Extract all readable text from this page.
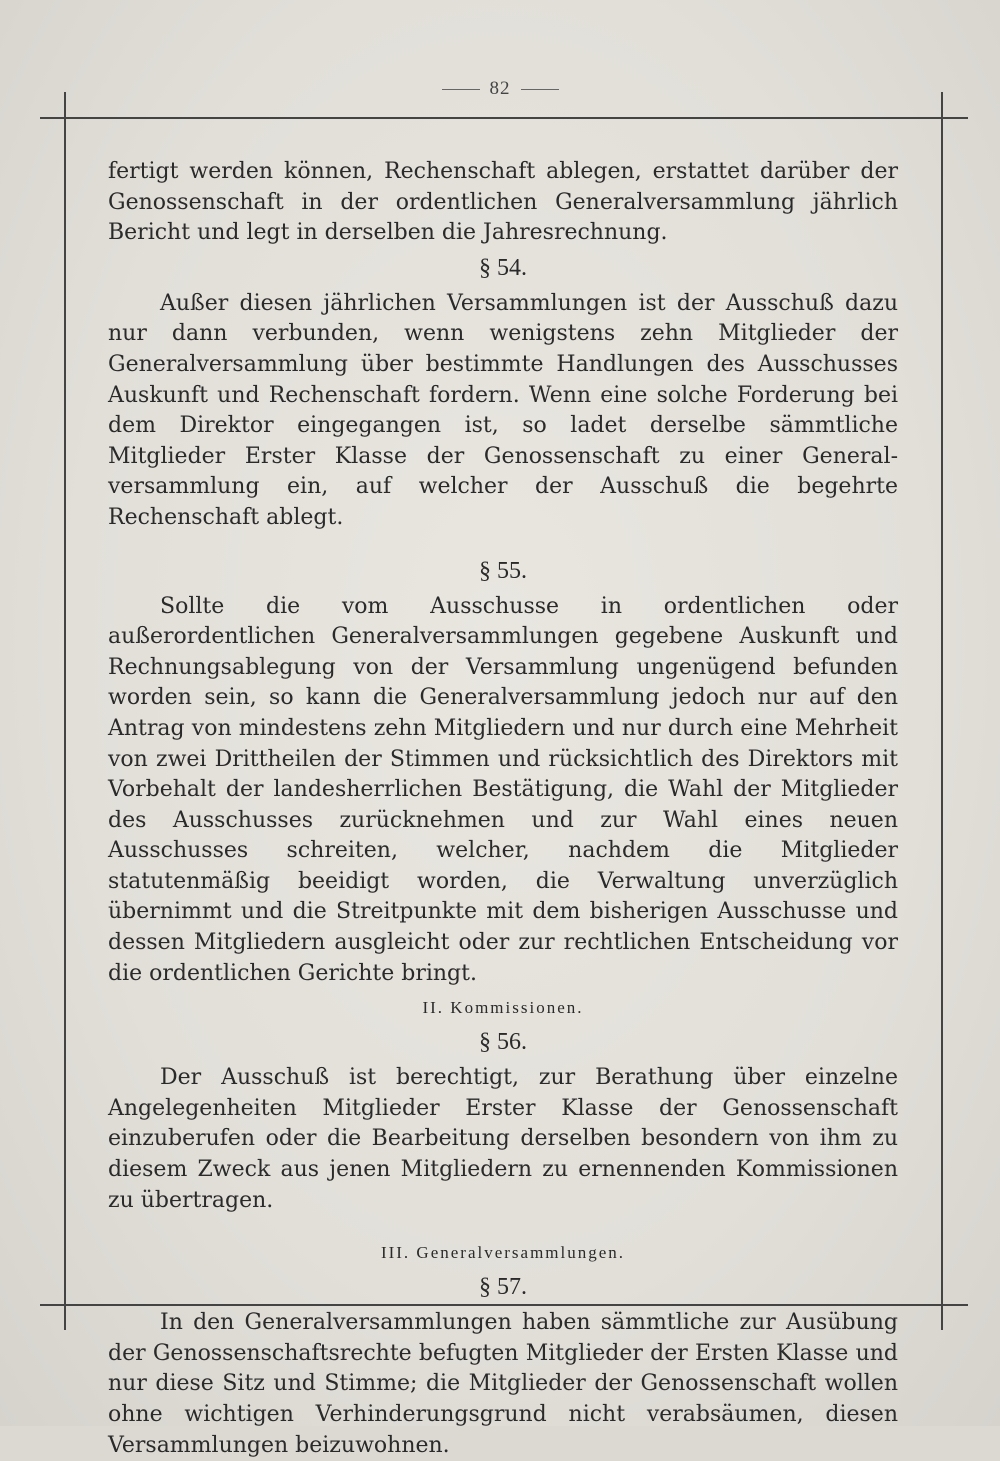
82

fertigt werden können, Rechenschaft ablegen, erstattet darüber der Genossenschaft in der ordentlichen Generalversammlung jährlich Bericht und legt in derselben die Jahresrechnung.

§ 54.

Außer diesen jährlichen Versammlungen ist der Ausschuß dazu nur dann verbunden, wenn wenigstens zehn Mitglieder der Generalversammlung über bestimmte Handlungen des Ausschusses Auskunft und Rechenschaft fordern. Wenn eine solche Forderung bei dem Direktor eingegangen ist, so ladet derselbe sämmtliche Mitglieder Erster Klasse der Genossenschaft zu einer Generalversammlung ein, auf welcher der Ausschuß die begehrte Rechenschaft ablegt.

§ 55.

Sollte die vom Ausschusse in ordentlichen oder außerordentlichen Generalversammlungen gegebene Auskunft und Rechnungsablegung von der Versammlung ungenügend befunden worden sein, so kann die Generalversammlung jedoch nur auf den Antrag von mindestens zehn Mitgliedern und nur durch eine Mehrheit von zwei Drittheilen der Stimmen und rücksichtlich des Direktors mit Vorbehalt der landesherrlichen Bestätigung, die Wahl der Mitglieder des Ausschusses zurücknehmen und zur Wahl eines neuen Ausschusses schreiten, welcher, nachdem die Mitglieder statutenmäßig beeidigt worden, die Verwaltung unverzüglich übernimmt und die Streitpunkte mit dem bisherigen Ausschusse und dessen Mitgliedern ausgleicht oder zur rechtlichen Entscheidung vor die ordentlichen Gerichte bringt.

II. Kommissionen.
§ 56.

Der Ausschuß ist berechtigt, zur Berathung über einzelne Angelegenheiten Mitglieder Erster Klasse der Genossenschaft einzuberufen oder die Bearbeitung derselben besondern von ihm zu diesem Zweck aus jenen Mitgliedern zu ernennenden Kommissionen zu übertragen.

III. Generalversammlungen.
§ 57.

In den Generalversammlungen haben sämmtliche zur Ausübung der Genossenschaftsrechte befugten Mitglieder der Ersten Klasse und nur diese Sitz und Stimme; die Mitglieder der Genossenschaft wollen ohne wichtigen Verhinderungsgrund nicht verabsäumen, diesen Versammlungen beizuwohnen.
